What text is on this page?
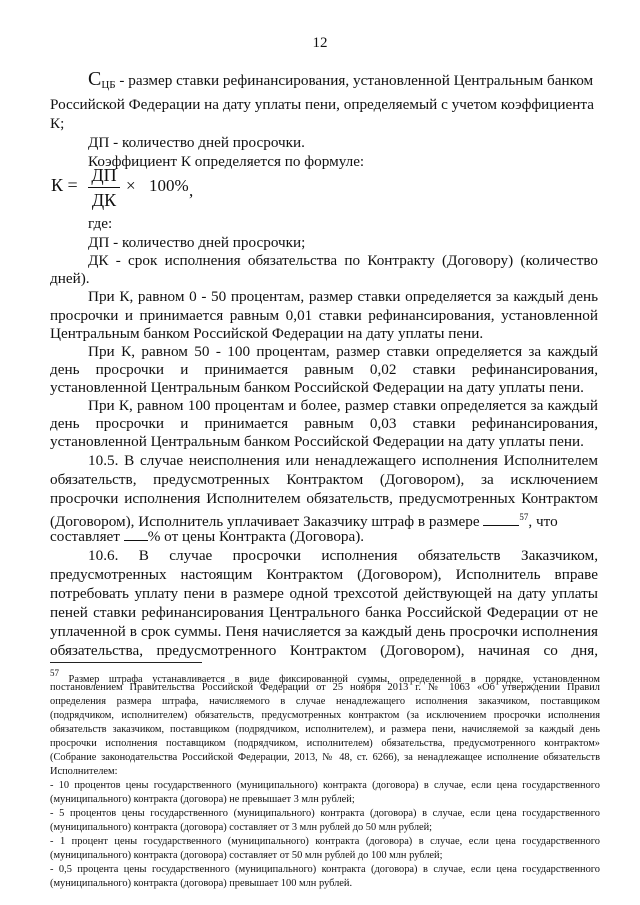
12
СЦБ - размер ставки рефинансирования, установленной Центральным банком
Российской Федерации на дату уплаты пени, определяемый с учетом коэффициента
К;
ДП - количество дней просрочки.
Коэффициент К определяется по формуле:
К = ДП
ДК
× 100% ,
где:
ДП - количество дней просрочки;
ДК - срок исполнения обязательства по Контракту (Договору) (количество
дней).
При К, равном 0 - 50 процентам, размер ставки определяется за каждый день
просрочки и принимается равным 0,01 ставки рефинансирования, установленной
Центральным банком Российской Федерации на дату уплаты пени.
При К, равном 50 - 100 процентам, размер ставки определяется за каждый
день просрочки и принимается равным 0,02 ставки рефинансирования,
установленной Центральным банком Российской Федерации на дату уплаты пени.
При К, равном 100 процентам и более, размер ставки определяется за каждый
день просрочки и принимается равным 0,03 ставки рефинансирования,
установленной Центральным банком Российской Федерации на дату уплаты пени.
10.5. В случае неисполнения или ненадлежащего исполнения Исполнителем
обязательств, предусмотренных Контрактом (Договором), за исключением
просрочки исполнения Исполнителем обязательств, предусмотренных Контрактом
(Договором), Исполнитель уплачивает Заказчику штраф в размере	$^{57}$, что
составляет % от цены Контракта (Договора).
10.6. В случае просрочки исполнения обязательств Заказчиком,
предусмотренных настоящим Контрактом (Договором), Исполнитель вправе
потребовать уплату пени в размере одной трехсотой действующей на дату уплаты
пеней ставки рефинансирования Центрального банка Российской Федерации от не
уплаченной в срок суммы. Пеня начисляется за каждый день просрочки исполнения
обязательства, предусмотренного Контрактом (Договором), начиная со дня,
57 Размер штрафа устанавливается в виде фиксированной суммы, определенной в порядке, установленном
постановлением Правительства Российской Федерации от 25 ноября 2013 г. № 1063 «Об утверждении Правил
определения размера штрафа, начисляемого в случае ненадлежащего исполнения заказчиком, поставщиком
(подрядчиком, исполнителем) обязательств, предусмотренных контрактом (за исключением просрочки исполнения
обязательств заказчиком, поставщиком (подрядчиком, исполнителем), и размера пени, начисляемой за каждый день
просрочки исполнения поставщиком (подрядчиком, исполнителем) обязательства, предусмотренного контрактом»
(Собрание законодательства Российской Федерации, 2013, № 48, ст. 6266), за ненадлежащее исполнение обязательств
Исполнителем:
- 10 процентов цены государственного (муниципального) контракта (договора) в случае, если цена государственного
(муниципального) контракта (договора) не превышает 3 млн рублей;
- 5 процентов цены государственного (муниципального) контракта (договора) в случае, если цена государственного
(муниципального) контракта (договора) составляет от 3 млн рублей до 50 млн рублей;
- 1 процент цены государственного (муниципального) контракта (договора) в случае, если цена государственного
(муниципального) контракта (договора) составляет от 50 млн рублей до 100 млн рублей;
- 0,5 процента цены государственного (муниципального) контракта (договора) в случае, если цена государственного
(муниципального) контракта (договора) превышает 100 млн рублей.
